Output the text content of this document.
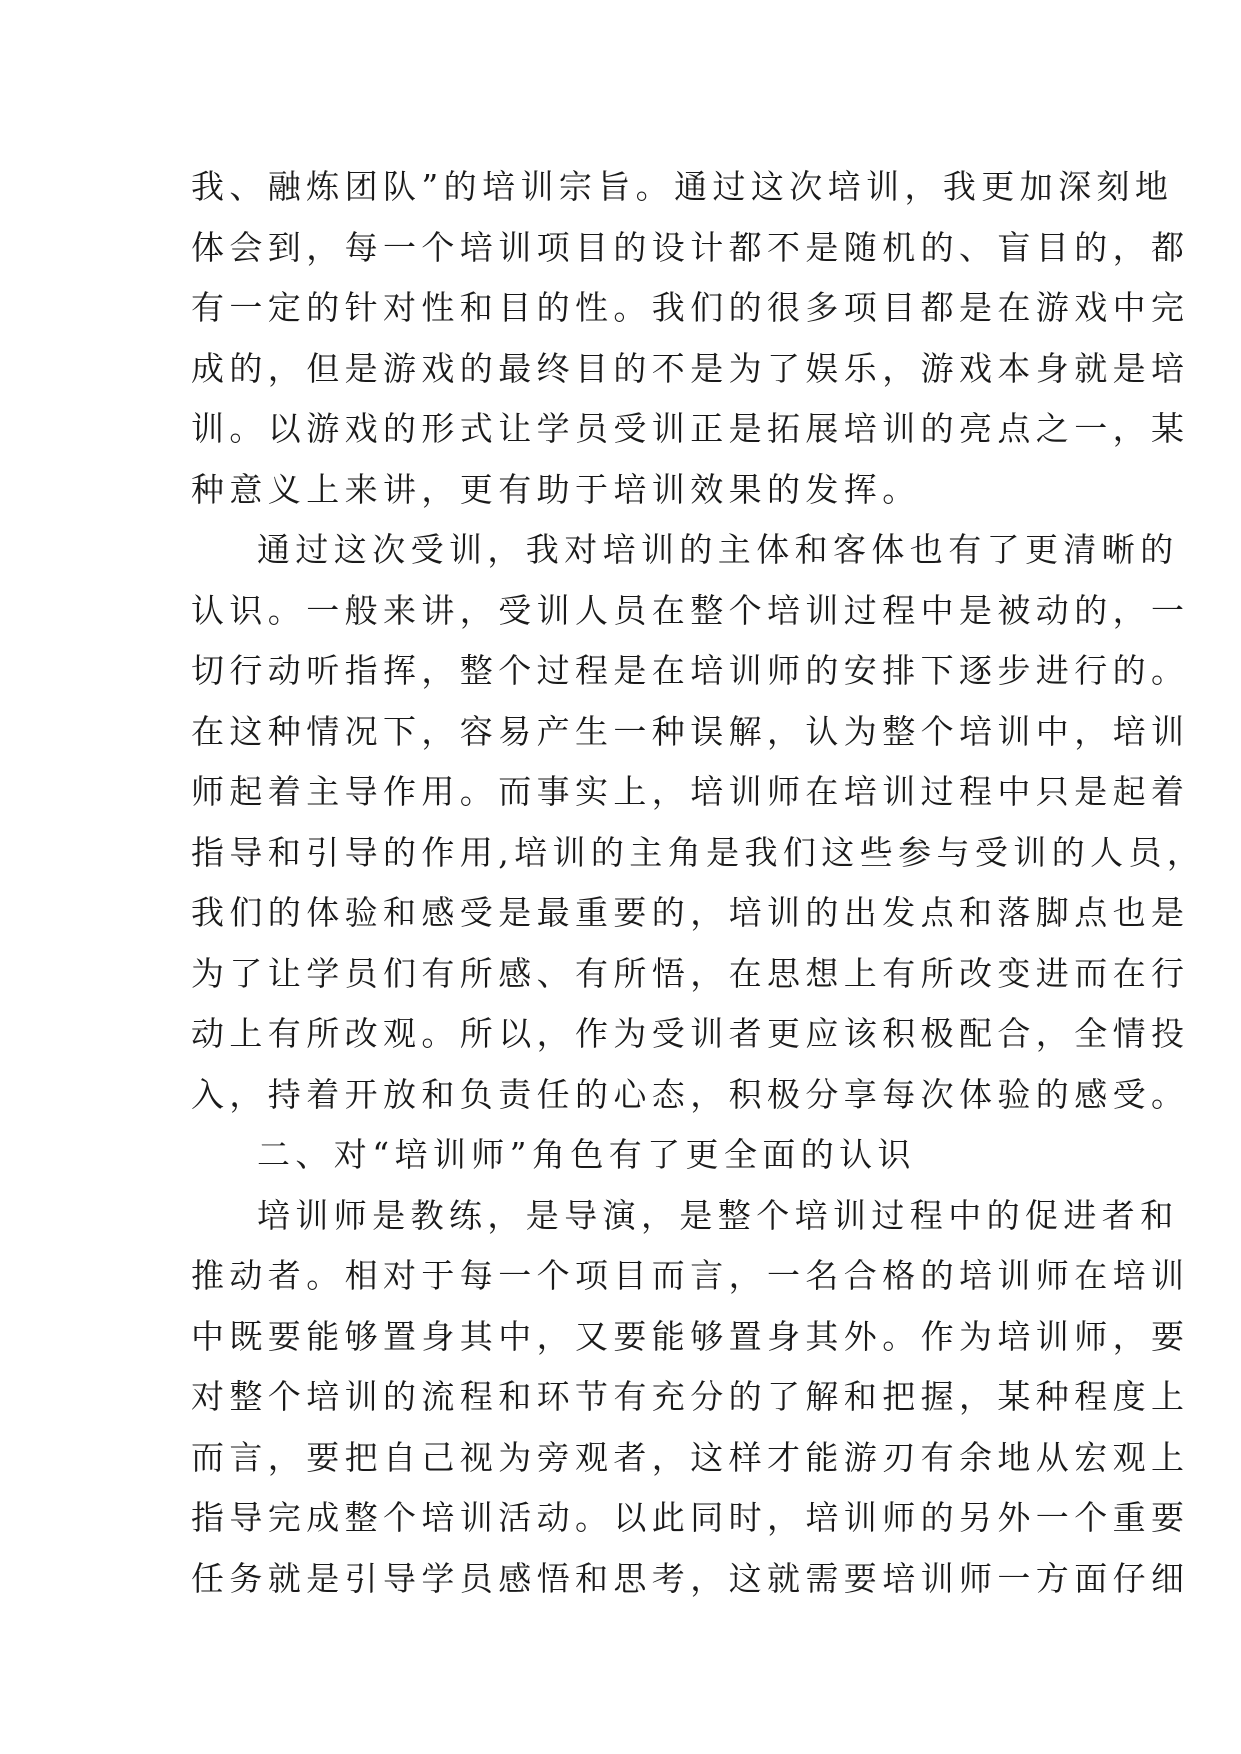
我、融炼团队”的培训宗旨。通过这次培训，我更加深刻地
体会到，每一个培训项目的设计都不是随机的、盲目的，都
有一定的针对性和目的性。我们的很多项目都是在游戏中完
成的，但是游戏的最终目的不是为了娱乐，游戏本身就是培
训。以游戏的形式让学员受训正是拓展培训的亮点之一，某
种意义上来讲，更有助于培训效果的发挥。
通过这次受训，我对培训的主体和客体也有了更清晰的
认识。一般来讲，受训人员在整个培训过程中是被动的，一
切行动听指挥，整个过程是在培训师的安排下逐步进行的。
在这种情况下，容易产生一种误解，认为整个培训中，培训
师起着主导作用。而事实上，培训师在培训过程中只是起着
指导和引导的作用,培训的主角是我们这些参与受训的人员，
我们的体验和感受是最重要的，培训的出发点和落脚点也是
为了让学员们有所感、有所悟，在思想上有所改变进而在行
动上有所改观。所以，作为受训者更应该积极配合，全情投
入，持着开放和负责任的心态，积极分享每次体验的感受。
二、对“培训师”角色有了更全面的认识
培训师是教练，是导演，是整个培训过程中的促进者和
推动者。相对于每一个项目而言，一名合格的培训师在培训
中既要能够置身其中，又要能够置身其外。作为培训师，要
对整个培训的流程和环节有充分的了解和把握，某种程度上
而言，要把自己视为旁观者，这样才能游刃有余地从宏观上
指导完成整个培训活动。以此同时，培训师的另外一个重要
任务就是引导学员感悟和思考，这就需要培训师一方面仔细
